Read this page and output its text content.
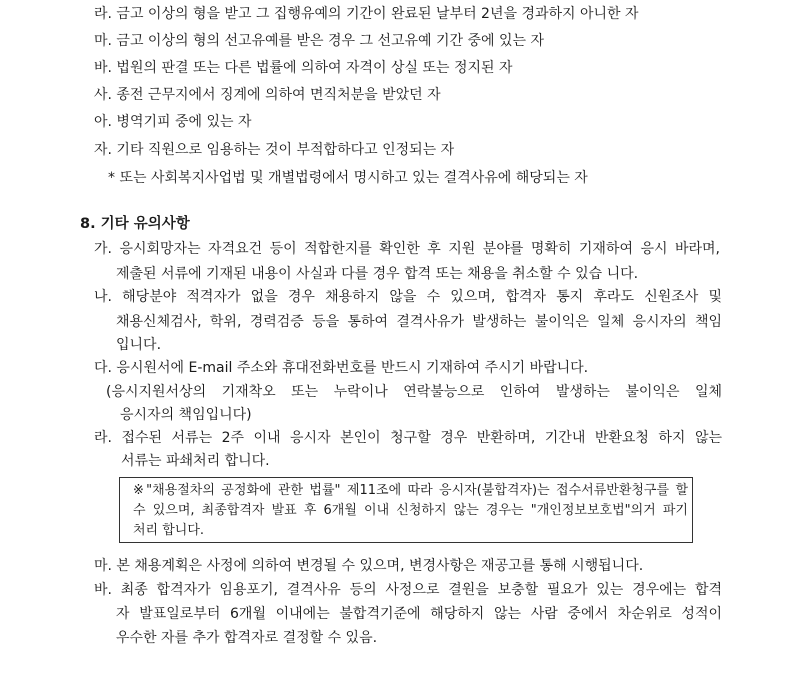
라. 금고 이상의 형을 받고 그 집행유예의 기간이 완료된 날부터 2년을 경과하지 아니한 자
마. 금고 이상의 형의 선고유예를 받은 경우 그 선고유예 기간 중에 있는 자
바. 법원의 판결 또는 다른 법률에 의하여 자격이 상실 또는 정지된 자
사. 종전 근무지에서 징계에 의하여 면직처분을 받았던 자
아. 병역기피 중에 있는 자
자. 기타 직원으로 임용하는 것이 부적합하다고 인정되는 자
* 또는 사회복지사업법 및 개별법령에서 명시하고 있는 결격사유에 해당되는 자
8. 기타 유의사항
가. 응시회망자는 자격요건 등이 적합한지를 확인한 후 지원 분야를 명확히 기재하여 응시 바라며,
제출된 서류에 기재된 내용이 사실과 다를 경우 합격 또는 채용을 취소할 수 있습 니다.
나. 해당분야 적격자가 없을 경우 채용하지 않을 수 있으며, 합격자 통지 후라도 신원조사 및
채용신체검사, 학위, 경력검증 등을 통하여 결격사유가 발생하는 불이익은 일체 응시자의 책임
입니다.
다. 응시원서에 E-mail 주소와 휴대전화번호를 반드시 기재하여 주시기 바랍니다.
(응시지원서상의 기재착오 또는 누락이나 연락불능으로 인하여 발생하는 불이익은 일체
응시자의 책임입니다)
라. 접수된 서류는 2주 이내 응시자 본인이 청구할 경우 반환하며, 기간내 반환요청 하지 않는
서류는 파쇄처리 합니다.
※"채용절차의 공정화에 관한 법률" 제11조에 따라 응시자(불합격자)는 접수서류반환청구를 할
수 있으며, 최종합격자 발표 후 6개월 이내 신청하지 않는 경우는 "개인정보보호법"의거 파기
처리 합니다.
마. 본 채용계획은 사정에 의하여 변경될 수 있으며, 변경사항은 재공고를 통해 시행됩니다.
바. 최종 합격자가 임용포기, 결격사유 등의 사정으로 결원을 보충할 필요가 있는 경우에는 합격
자 발표일로부터 6개월 이내에는 불합격기준에 해당하지 않는 사람 중에서 차순위로 성적이
우수한 자를 추가 합격자로 결정할 수 있음.
